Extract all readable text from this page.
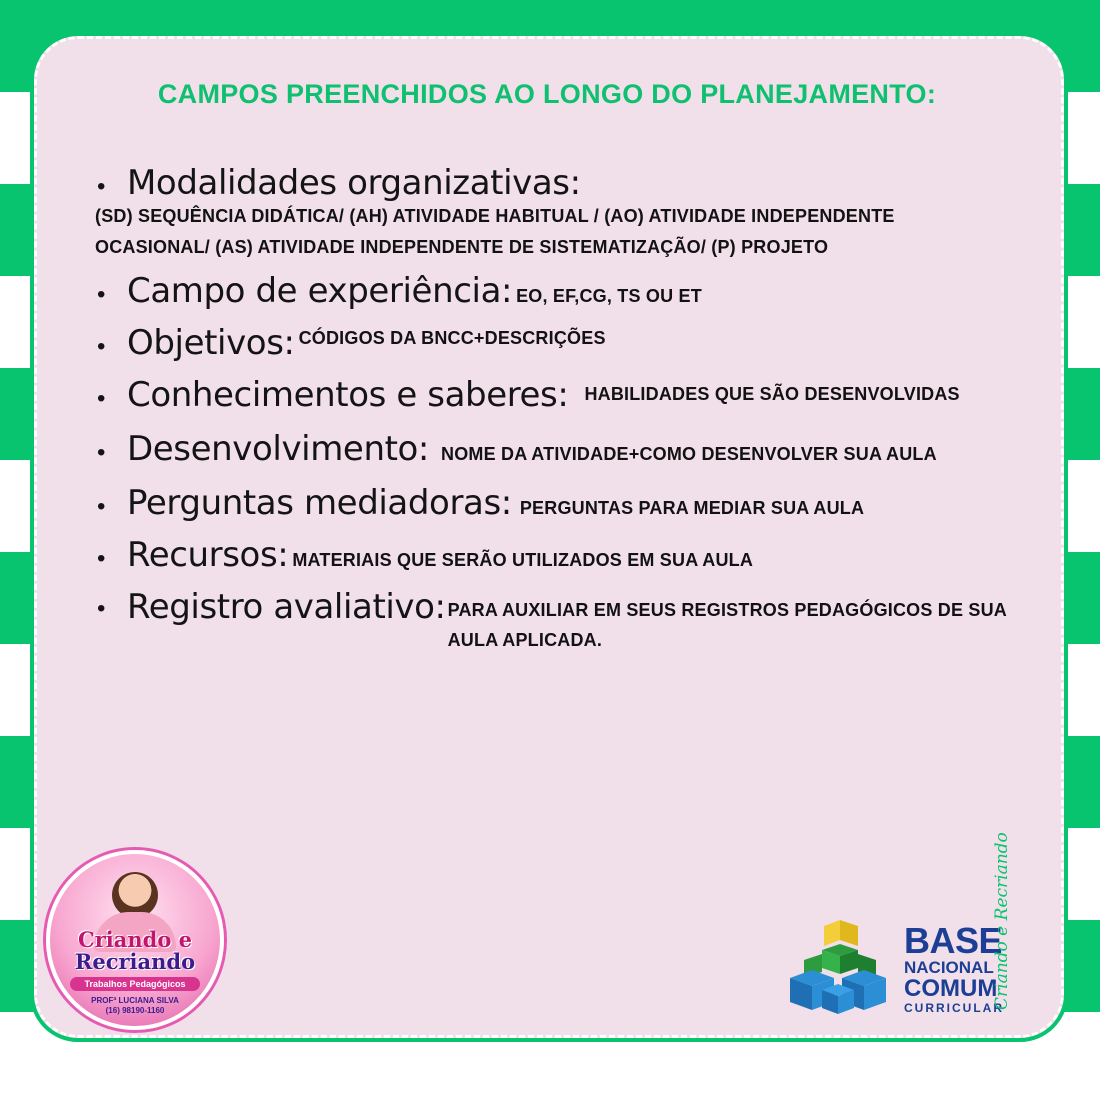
CAMPOS PREENCHIDOS AO LONGO DO PLANEJAMENTO:
• Modalidades organizativas:
(SD) SEQUÊNCIA DIDÁTICA/ (AH) ATIVIDADE HABITUAL / (AO) ATIVIDADE INDEPENDENTE OCASIONAL/ (AS) ATIVIDADE INDEPENDENTE DE SISTEMATIZAÇÃO/ (P) PROJETO
• Campo de experiência: EO, EF,CG, TS OU ET
• Objetivos: CÓDIGOS DA BNCC+DESCRIÇÕES
• Conhecimentos e saberes: HABILIDADES QUE SÃO DESENVOLVIDAS
• Desenvolvimento: NOME DA ATIVIDADE+COMO DESENVOLVER SUA AULA
• Perguntas mediadoras: PERGUNTAS PARA MEDIAR SUA AULA
• Recursos: MATERIAIS QUE SERÃO UTILIZADOS EM SUA AULA
• Registro avaliativo: PARA AUXILIAR EM SEUS REGISTROS PEDAGÓGICOS DE SUA AULA APLICADA.
Criando e
Recriando
Trabalhos Pedagógicos
PROFª LUCIANA SILVA
(16) 98190-1160
BASE
NACIONAL
COMUM
CURRICULAR
Criando e Recriando
